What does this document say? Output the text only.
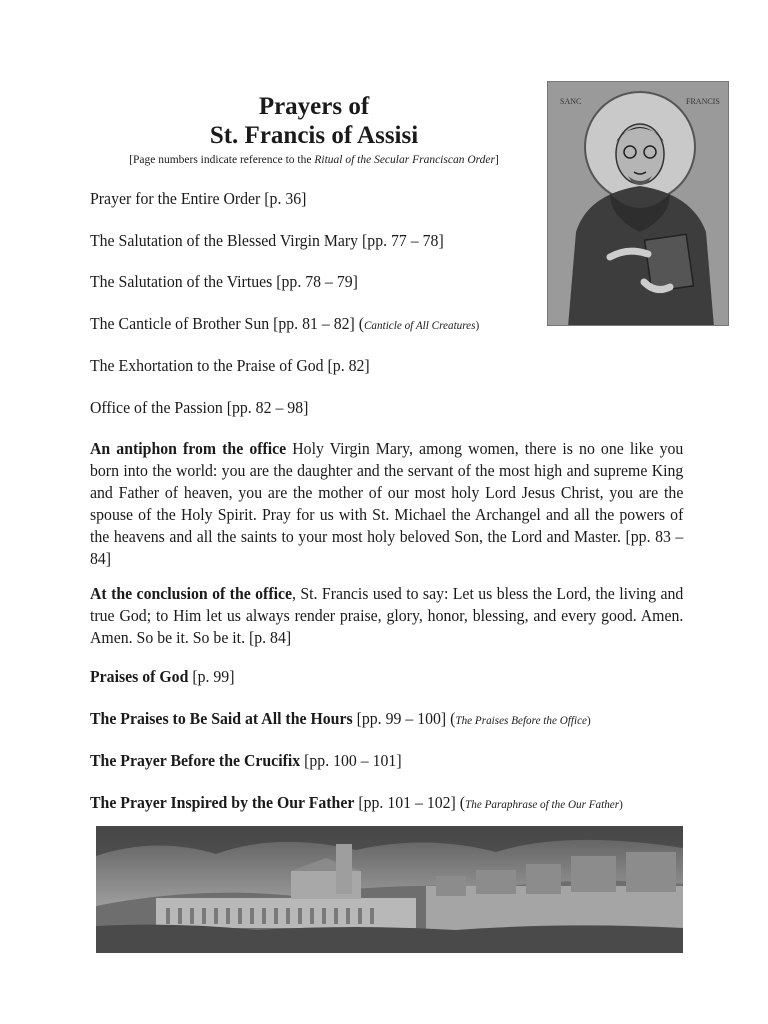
Prayers of
St. Francis of Assisi
[Page numbers indicate reference to the Ritual of the Secular Franciscan Order]
SANC	FRANCIS
Prayer for the Entire Order [p. 36]
The Salutation of the Blessed Virgin Mary [pp. 77 – 78]
The Salutation of the Virtues [pp. 78 – 79]
The Canticle of Brother Sun [pp. 81 – 82] (Canticle of All Creatures)
The Exhortation to the Praise of God [p. 82]
Office of the Passion [pp. 82 – 98]
An antiphon from the office Holy Virgin Mary, among women, there is no one like you born into the world: you are the daughter and the servant of the most high and supreme King and Father of heaven, you are the mother of our most holy Lord Jesus Christ, you are the spouse of the Holy Spirit. Pray for us with St. Michael the Archangel and all the powers of the heavens and all the saints to your most holy beloved Son, the Lord and Master. [pp. 83 – 84]
At the conclusion of the office, St. Francis used to say: Let us bless the Lord, the living and true God; to Him let us always render praise, glory, honor, blessing, and every good. Amen. Amen. So be it. So be it. [p. 84]
Praises of God [p. 99]
The Praises to Be Said at All the Hours [pp. 99 – 100] (The Praises Before the Office)
The Prayer Before the Crucifix [pp. 100 – 101]
The Prayer Inspired by the Our Father [pp. 101 – 102] (The Paraphrase of the Our Father)
